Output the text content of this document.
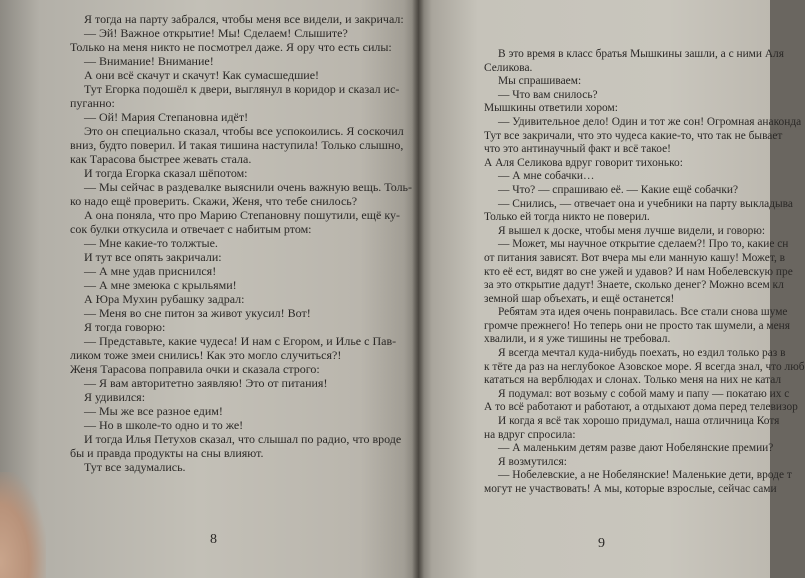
Я тогда на парту забрался, чтобы меня все видели, и закричал:

— Эй! Важное открытие! Мы! Сделаем! Слышите?

Только на меня никто не посмотрел даже. Я ору что есть силы:

— Внимание! Внимание!

А они всё скачут и скачут! Как сумасшедшие!

Тут Егорка подошёл к двери, выглянул в коридор и сказал ис-

пуганно:

— Ой! Мария Степановна идёт!

Это он специально сказал, чтобы все успокоились. Я соскочил

вниз, будто поверил. И такая тишина наступила! Только слышно,

как Тарасова быстрее жевать стала.

И тогда Егорка сказал шёпотом:

— Мы сейчас в раздевалке выяснили очень важную вещь. Толь-

ко надо ещё проверить. Скажи, Женя, что тебе снилось?

А она поняла, что про Марию Степановну пошутили, ещё ку-

сок булки откусила и отвечает с набитым ртом:

— Мне какие-то толжтые.

И тут все опять закричали:

— А мне удав приснился!

— А мне змеюка с крыльями!

А Юра Мухин рубашку задрал:

— Меня во сне питон за живот укусил! Вот!

Я тогда говорю:

— Представьте, какие чудеса! И нам с Егором, и Илье с Пав-

ликом тоже змеи снились! Как это могло случиться?!

Женя Тарасова поправила очки и сказала строго:

— Я вам авторитетно заявляю! Это от питания!

Я удивился:

— Мы же все разное едим!

— Но в школе-то одно и то же!

И тогда Илья Петухов сказал, что слышал по радио, что вроде

бы и правда продукты на сны влияют.

Тут все задумались.

8

В это время в класс братья Мышкины зашли, а с ними Аля

Селикова.

Мы спрашиваем:

— Что вам снилось?

Мышкины ответили хором:

— Удивительное дело! Один и тот же сон! Огромная анаконда

Тут все закричали, что это чудеса какие-то, что так не бывает

что это антинаучный факт и всё такое!

А Аля Селикова вдруг говорит тихонько:

— А мне собачки…

— Что? — спрашиваю её. — Какие ещё собачки?

— Снились, — отвечает она и учебники на парту выкладыва

Только ей тогда никто не поверил.

Я вышел к доске, чтобы меня лучше видели, и говорю:

— Может, мы научное открытие сделаем?! Про то, какие сн

от питания зависят. Вот вчера мы ели манную кашу! Может, в

кто её ест, видят во сне ужей и удавов? И нам Нобелевскую пре

за это открытие дадут! Знаете, сколько денег? Можно всем кл

земной шар объехать, и ещё останется!

Ребятам эта идея очень понравилась. Все стали снова шуме

громче прежнего! Но теперь они не просто так шумели, а меня

хвалили, и я уже тишины не требовал.

Я всегда мечтал куда-нибудь поехать, но ездил только раз в

к тёте да раз на неглубокое Азовское море. Я всегда знал, что люб

кататься на верблюдах и слонах. Только меня на них не катал

Я подумал: вот возьму с собой маму и папу — покатаю их с

А то всё работают и работают, а отдыхают дома перед телевизор

И когда я всё так хорошо придумал, наша отличница Котя

на вдруг спросила:

— А маленьким детям разве дают Нобелянские премии?

Я возмутился:

— Нобелевские, а не Нобелянские! Маленькие дети, вроде т

могут не участвовать! А мы, которые взрослые, сейчас сами

9
